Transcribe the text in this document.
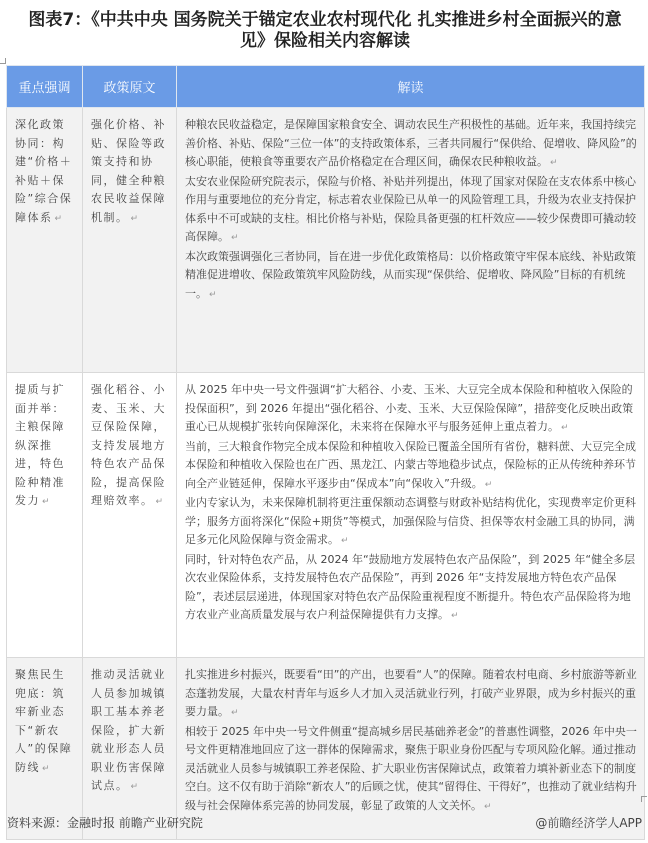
图表7：《中共中央 国务院关于锚定农业农村现代化 扎实推进乡村全面振兴的意见》保险相关内容解读
重点强调	政策原文	解读
深化政策协同：构建“价格＋补贴＋保险”综合保障体系 ↵	强化价格、补贴、保险等政策支持和协同，健全种粮农民收益保障机制。 ↵	种粮农民收益稳定，是保障国家粮食安全、调动农民生产积极性的基础。近年来，我国持续完善价格、补贴、保险“三位一体”的支持政策体系，三者共同履行“保供给、促增收、降风险”的核心职能，使粮食等重要农产品价格稳定在合理区间，确保农民种粮收益。 ↵
太安农业保险研究院表示，保险与价格、补贴并列提出，体现了国家对保险在支农体系中核心作用与重要地位的充分肯定，标志着农业保险已从单一的风险管理工具，升级为农业支持保护体系中不可或缺的支柱。相比价格与补贴，保险具备更强的杠杆效应——较少保费即可撬动较高保障。 ↵
本次政策强调强化三者协同，旨在进一步优化政策格局：以价格政策守牢保本底线、补贴政策精准促进增收、保险政策筑牢风险防线，从而实现“保供给、促增收、降风险”目标的有机统一。 ↵

提质与扩面并举：主粮保障纵深推进，特色险种精准发力 ↵	强化稻谷、小麦、玉米、大豆保险保障，支持发展地方特色农产品保险，提高保险理赔效率。 ↵	从 2025 年中央一号文件强调“扩大稻谷、小麦、玉米、大豆完全成本保险和种植收入保险的投保面积”，到 2026 年提出“强化稻谷、小麦、玉米、大豆保险保障”，措辞变化反映出政策重心已从规模扩张转向保障深化，未来将在保障水平与服务延伸上重点着力。 ↵
当前，三大粮食作物完全成本保险和种植收入保险已覆盖全国所有省份，糖料蔗、大豆完全成本保险和种植收入保险也在广西、黑龙江、内蒙古等地稳步试点，保险标的正从传统种养环节向全产业链延伸，保障水平逐步由“保成本”向“保收入”升级。 ↵
业内专家认为，未来保障机制将更注重保额动态调整与财政补贴结构优化，实现费率定价更科学；服务方面将深化“保险+期货”等模式，加强保险与信贷、担保等农村金融工具的协同，满足多元化风险保障与资金需求。 ↵
同时，针对特色农产品，从 2024 年“鼓励地方发展特色农产品保险”，到 2025 年“健全多层次农业保险体系，支持发展特色农产品保险”，再到 2026 年“支持发展地方特色农产品保险”，表述层层递进，体现国家对特色农产品保险重视程度不断提升。特色农产品保险将为地方农业产业高质量发展与农户利益保障提供有力支撑。 ↵

聚焦民生兜底：筑牢新业态下“新农人”的保障防线 ↵	推动灵活就业人员参加城镇职工基本养老保险，扩大新就业形态人员职业伤害保障试点。 ↵	扎实推进乡村振兴，既要看“田”的产出，也要看“人”的保障。随着农村电商、乡村旅游等新业态蓬勃发展，大量农村青年与返乡人才加入灵活就业行列，打破产业界限，成为乡村振兴的重要力量。 ↵
相较于 2025 年中央一号文件侧重“提高城乡居民基础养老金”的普惠性调整，2026 年中央一号文件更精准地回应了这一群体的保障需求，聚焦于职业身份匹配与专项风险化解。通过推动灵活就业人员参与城镇职工养老保险、扩大职业伤害保障试点，政策着力填补新业态下的制度空白。这不仅有助于消除“新农人”的后顾之忧，使其“留得住、干得好”，也推动了就业结构升级与社会保障体系完善的协同发展，彰显了政策的人文关怀。 ↵
资料来源：金融时报 前瞻产业研究院	@前瞻经济学人APP
